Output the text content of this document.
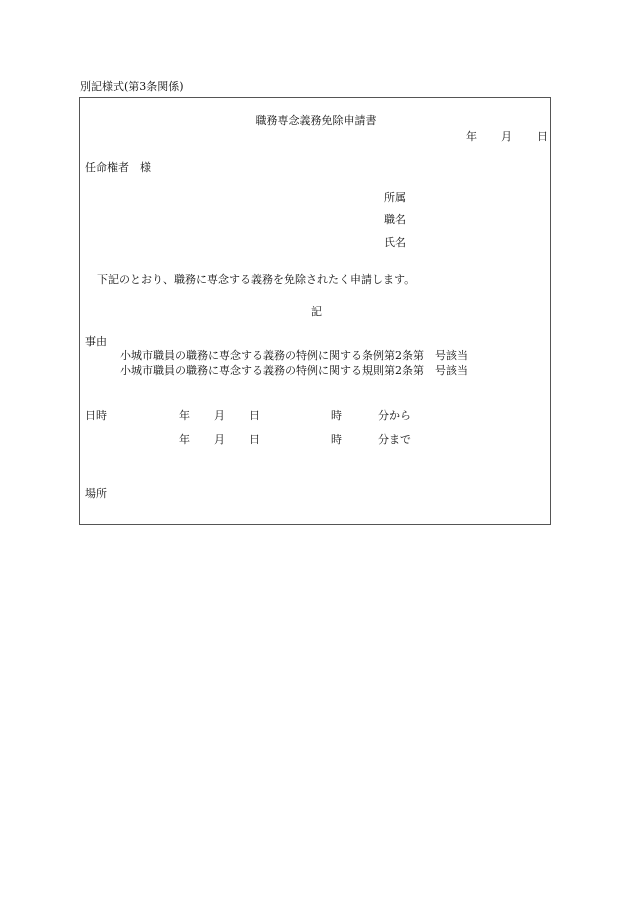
別記様式(第3条関係)
職務専念義務免除申請書
年 月 日
任命権者　様
所属
職名
氏名
下記のとおり、職務に専念する義務を免除されたく申請します。
記
事由
小城市職員の職務に専念する義務の特例に関する条例第2条第　号該当
小城市職員の職務に専念する義務の特例に関する規則第2条第　号該当
日時	年 月 日	時	分から
年 月 日	時	分まで
場所
